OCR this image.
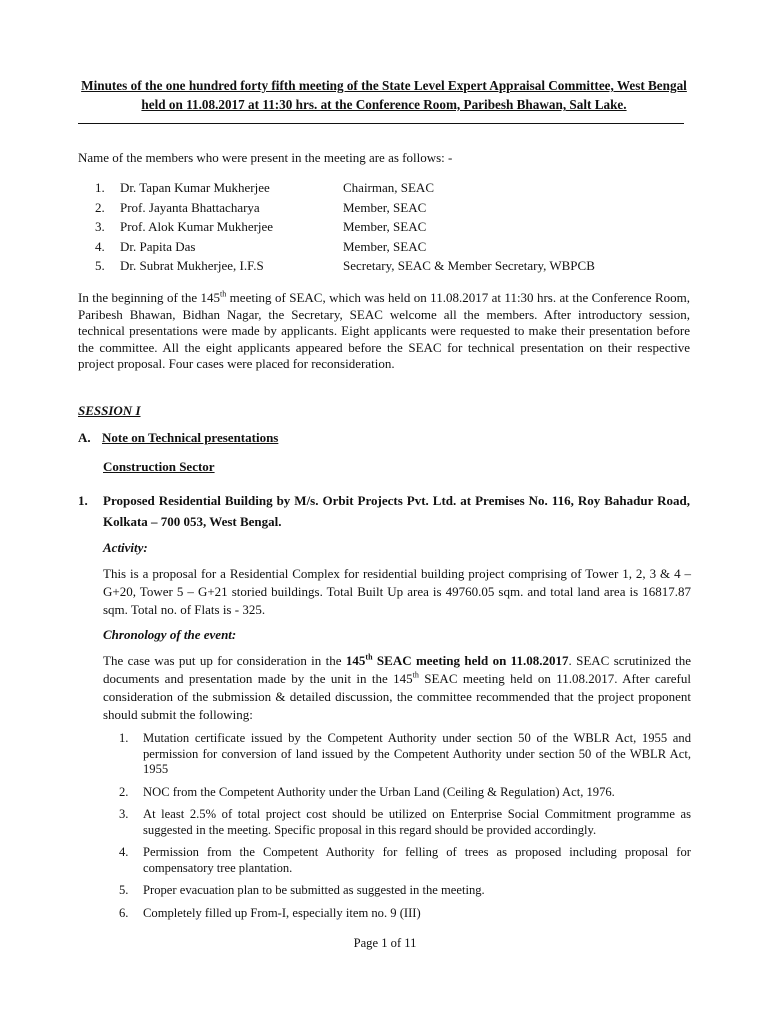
Minutes of the one hundred forty fifth meeting of the State Level Expert Appraisal Committee, West Bengal held on 11.08.2017 at 11:30 hrs. at the Conference Room, Paribesh Bhawan, Salt Lake.
Name of the members who were present in the meeting are as follows: -
1. Dr. Tapan Kumar Mukherjee	Chairman, SEAC
2. Prof. Jayanta Bhattacharya	Member, SEAC
3. Prof. Alok Kumar Mukherjee	Member, SEAC
4. Dr. Papita Das	Member, SEAC
5. Dr. Subrat Mukherjee, I.F.S	Secretary, SEAC & Member Secretary, WBPCB
In the beginning of the 145th meeting of SEAC, which was held on 11.08.2017 at 11:30 hrs. at the Conference Room, Paribesh Bhawan, Bidhan Nagar, the Secretary, SEAC welcome all the members. After introductory session, technical presentations were made by applicants. Eight applicants were requested to make their presentation before the committee. All the eight applicants appeared before the SEAC for technical presentation on their respective project proposal. Four cases were placed for reconsideration.
SESSION I
A. Note on Technical presentations
Construction Sector
1. Proposed Residential Building by M/s. Orbit Projects Pvt. Ltd. at Premises No. 116, Roy Bahadur Road, Kolkata – 700 053, West Bengal.
Activity:
This is a proposal for a Residential Complex for residential building project comprising of Tower 1, 2, 3 & 4 – G+20, Tower 5 – G+21 storied buildings. Total Built Up area is 49760.05 sqm. and total land area is 16817.87 sqm. Total no. of Flats is - 325.
Chronology of the event:
The case was put up for consideration in the 145th SEAC meeting held on 11.08.2017. SEAC scrutinized the documents and presentation made by the unit in the 145th SEAC meeting held on 11.08.2017. After careful consideration of the submission & detailed discussion, the committee recommended that the project proponent should submit the following:
1. Mutation certificate issued by the Competent Authority under section 50 of the WBLR Act, 1955 and permission for conversion of land issued by the Competent Authority under section 50 of the WBLR Act, 1955
2. NOC from the Competent Authority under the Urban Land (Ceiling & Regulation) Act, 1976.
3. At least 2.5% of total project cost should be utilized on Enterprise Social Commitment programme as suggested in the meeting. Specific proposal in this regard should be provided accordingly.
4. Permission from the Competent Authority for felling of trees as proposed including proposal for compensatory tree plantation.
5. Proper evacuation plan to be submitted as suggested in the meeting.
6. Completely filled up From-I, especially item no. 9 (III)
Page 1 of 11
